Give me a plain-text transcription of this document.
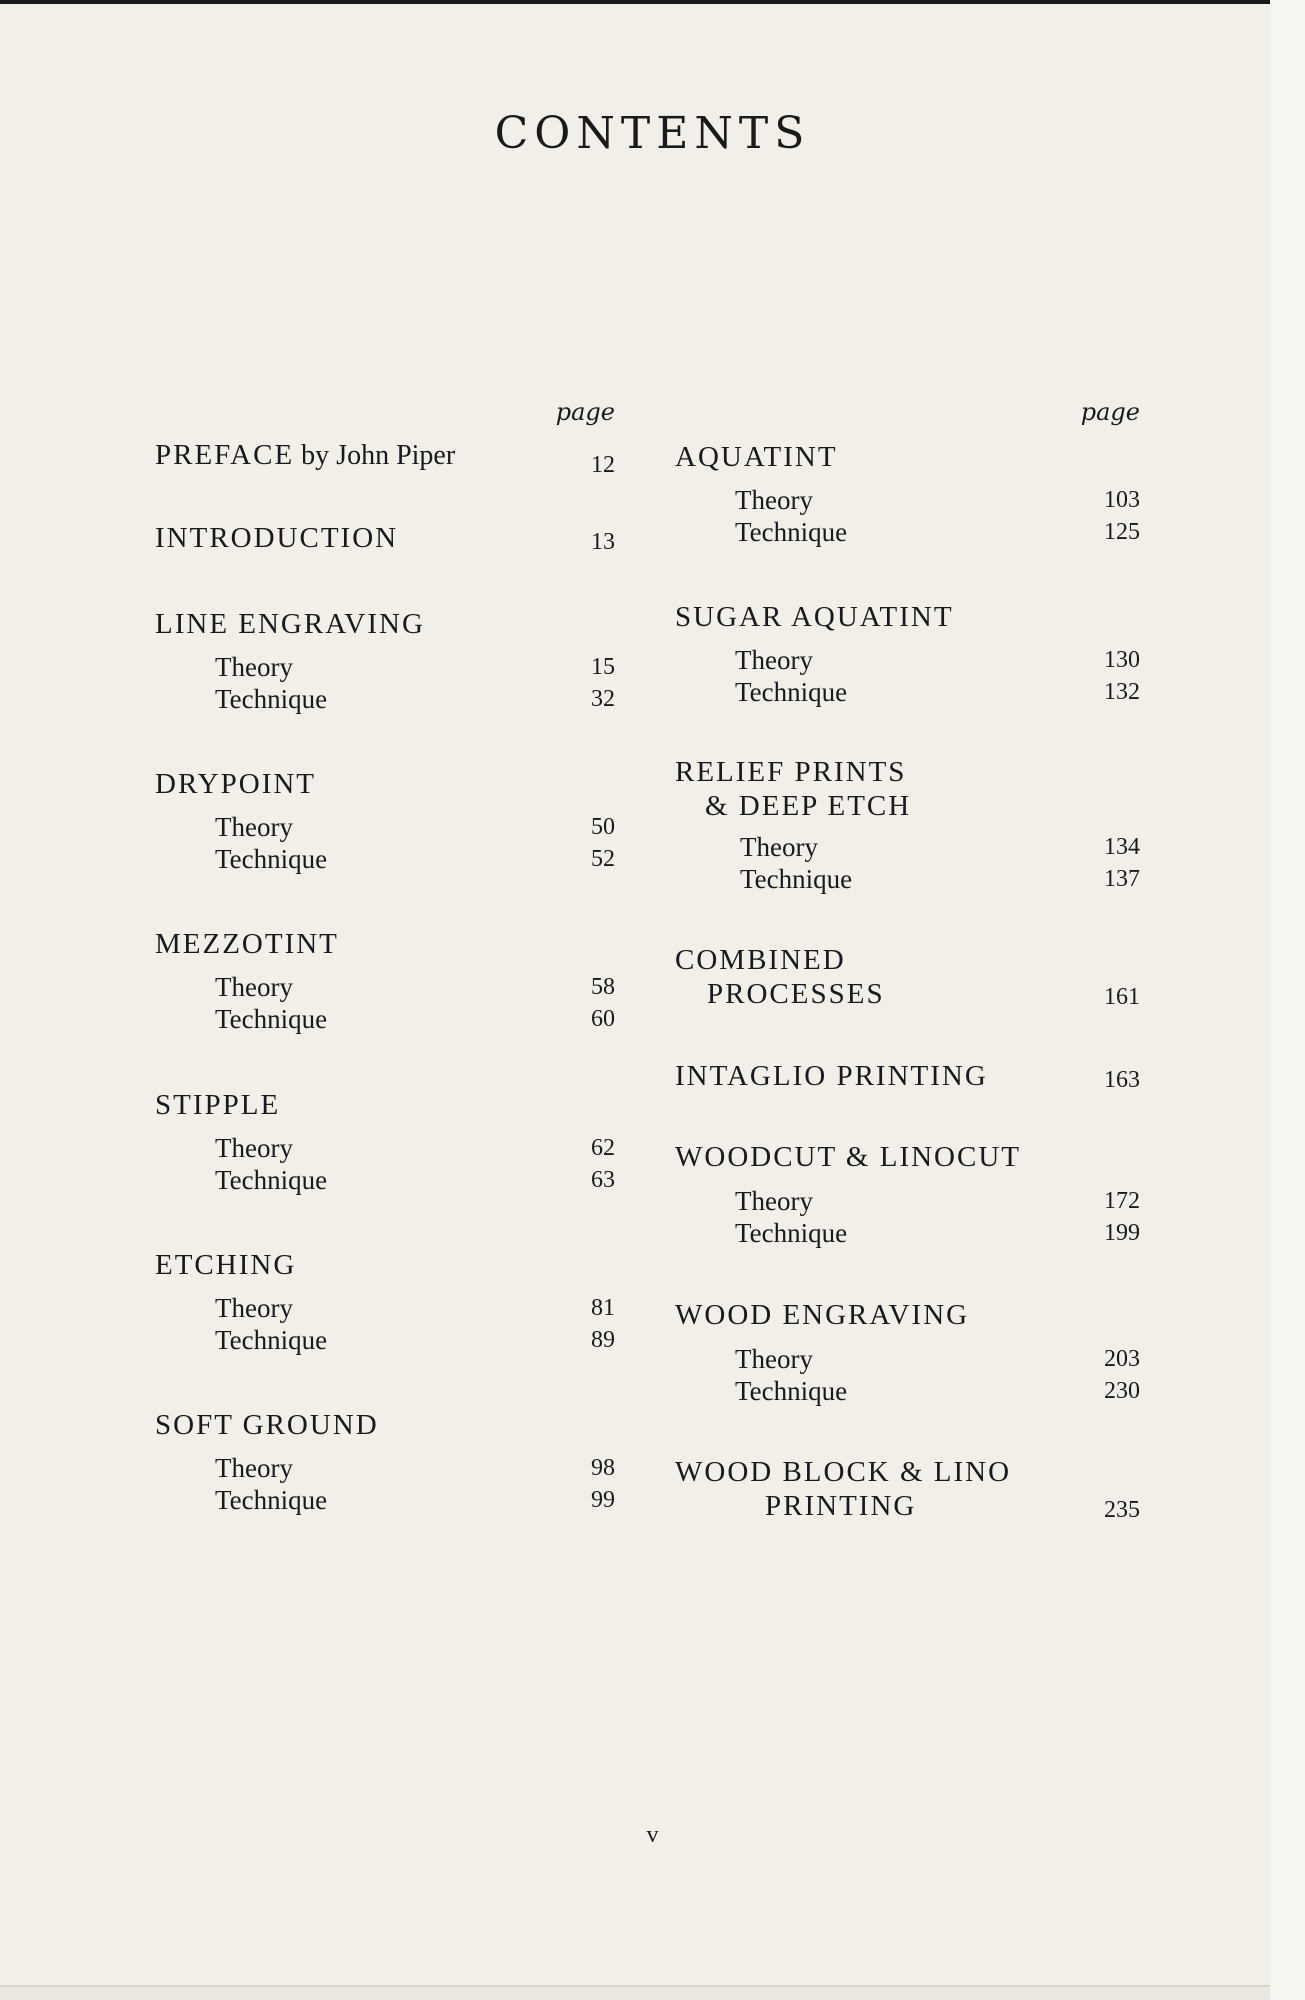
CONTENTS
page
PREFACE by John Piper	12
INTRODUCTION	13
LINE ENGRAVING
Theory	15
Technique	32
DRYPOINT
Theory	50
Technique	52
MEZZOTINT
Theory	58
Technique	60
STIPPLE
Theory	62
Technique	63
ETCHING
Theory	81
Technique	89
SOFT GROUND
Theory	98
Technique	99
page
AQUATINT
Theory	103
Technique	125
SUGAR AQUATINT
Theory	130
Technique	132
RELIEF PRINTS
& DEEP ETCH
Theory	134
Technique	137
COMBINED
PROCESSES	161
INTAGLIO PRINTING	163
WOODCUT & LINOCUT
Theory	172
Technique	199
WOOD ENGRAVING
Theory	203
Technique	230
WOOD BLOCK & LINO
PRINTING	235
v
